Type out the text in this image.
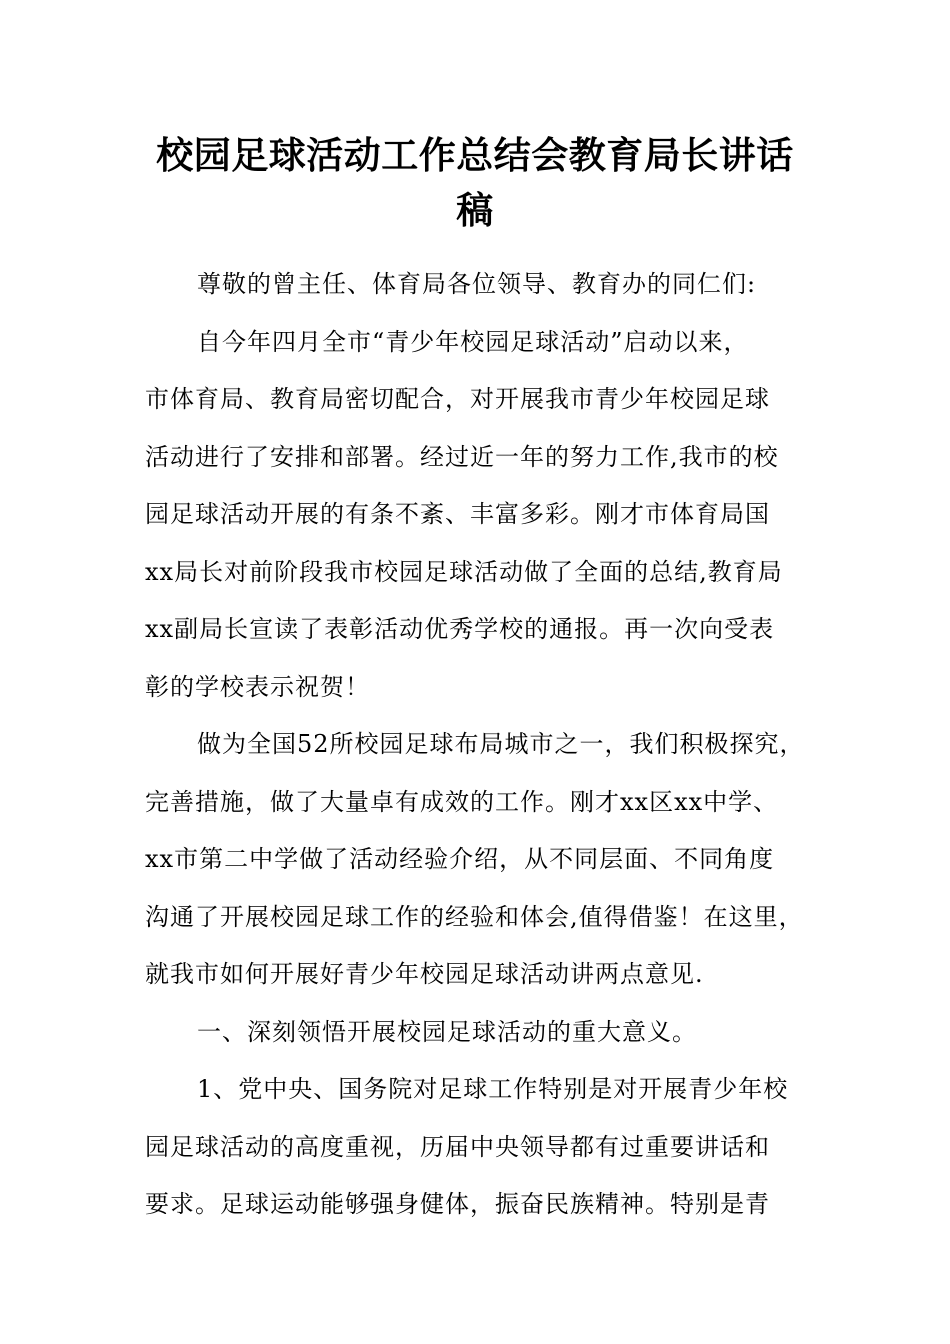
校园足球活动工作总结会教育局长讲话
稿

尊敬的曾主任、体育局各位领导、教育办的同仁们:

自今年四月全市“青少年校园足球活动”启动以来，
市体育局、教育局密切配合，对开展我市青少年校园足球
活动进行了安排和部署。经过近一年的努力工作,我市的校
园足球活动开展的有条不紊、丰富多彩。刚才市体育局国
xx局长对前阶段我市校园足球活动做了全面的总结,教育局
xx副局长宣读了表彰活动优秀学校的通报。再一次向受表
彰的学校表示祝贺！

做为全国52所校园足球布局城市之一，我们积极探究，
完善措施，做了大量卓有成效的工作。刚才xx区xx中学、
xx市第二中学做了活动经验介绍，从不同层面、不同角度
沟通了开展校园足球工作的经验和体会,值得借鉴！在这里，
就我市如何开展好青少年校园足球活动讲两点意见.

一、深刻领悟开展校园足球活动的重大意义。

1、党中央、国务院对足球工作特别是对开展青少年校
园足球活动的高度重视，历届中央领导都有过重要讲话和
要求。足球运动能够强身健体，振奋民族精神。特别是青
